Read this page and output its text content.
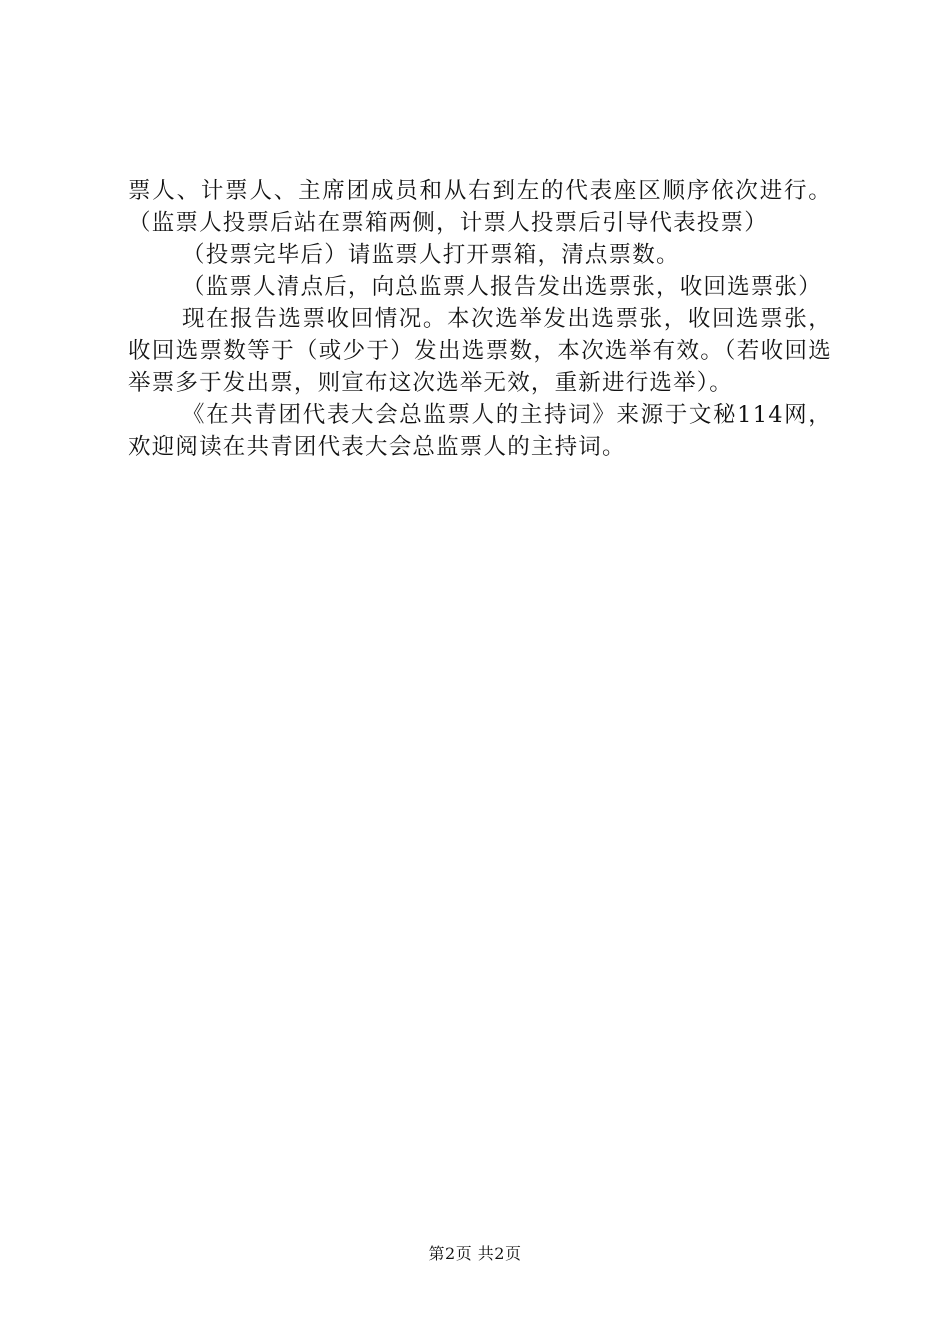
票人、计票人、主席团成员和从右到左的代表座区顺序依次进行。（监票人投票后站在票箱两侧，计票人投票后引导代表投票）

（投票完毕后）请监票人打开票箱，清点票数。

（监票人清点后，向总监票人报告发出选票张，收回选票张）

现在报告选票收回情况。本次选举发出选票张，收回选票张，收回选票数等于（或少于）发出选票数，本次选举有效。（若收回选举票多于发出票，则宣布这次选举无效，重新进行选举）。

《在共青团代表大会总监票人的主持词》来源于文秘114网，欢迎阅读在共青团代表大会总监票人的主持词。

第2页 共2页
